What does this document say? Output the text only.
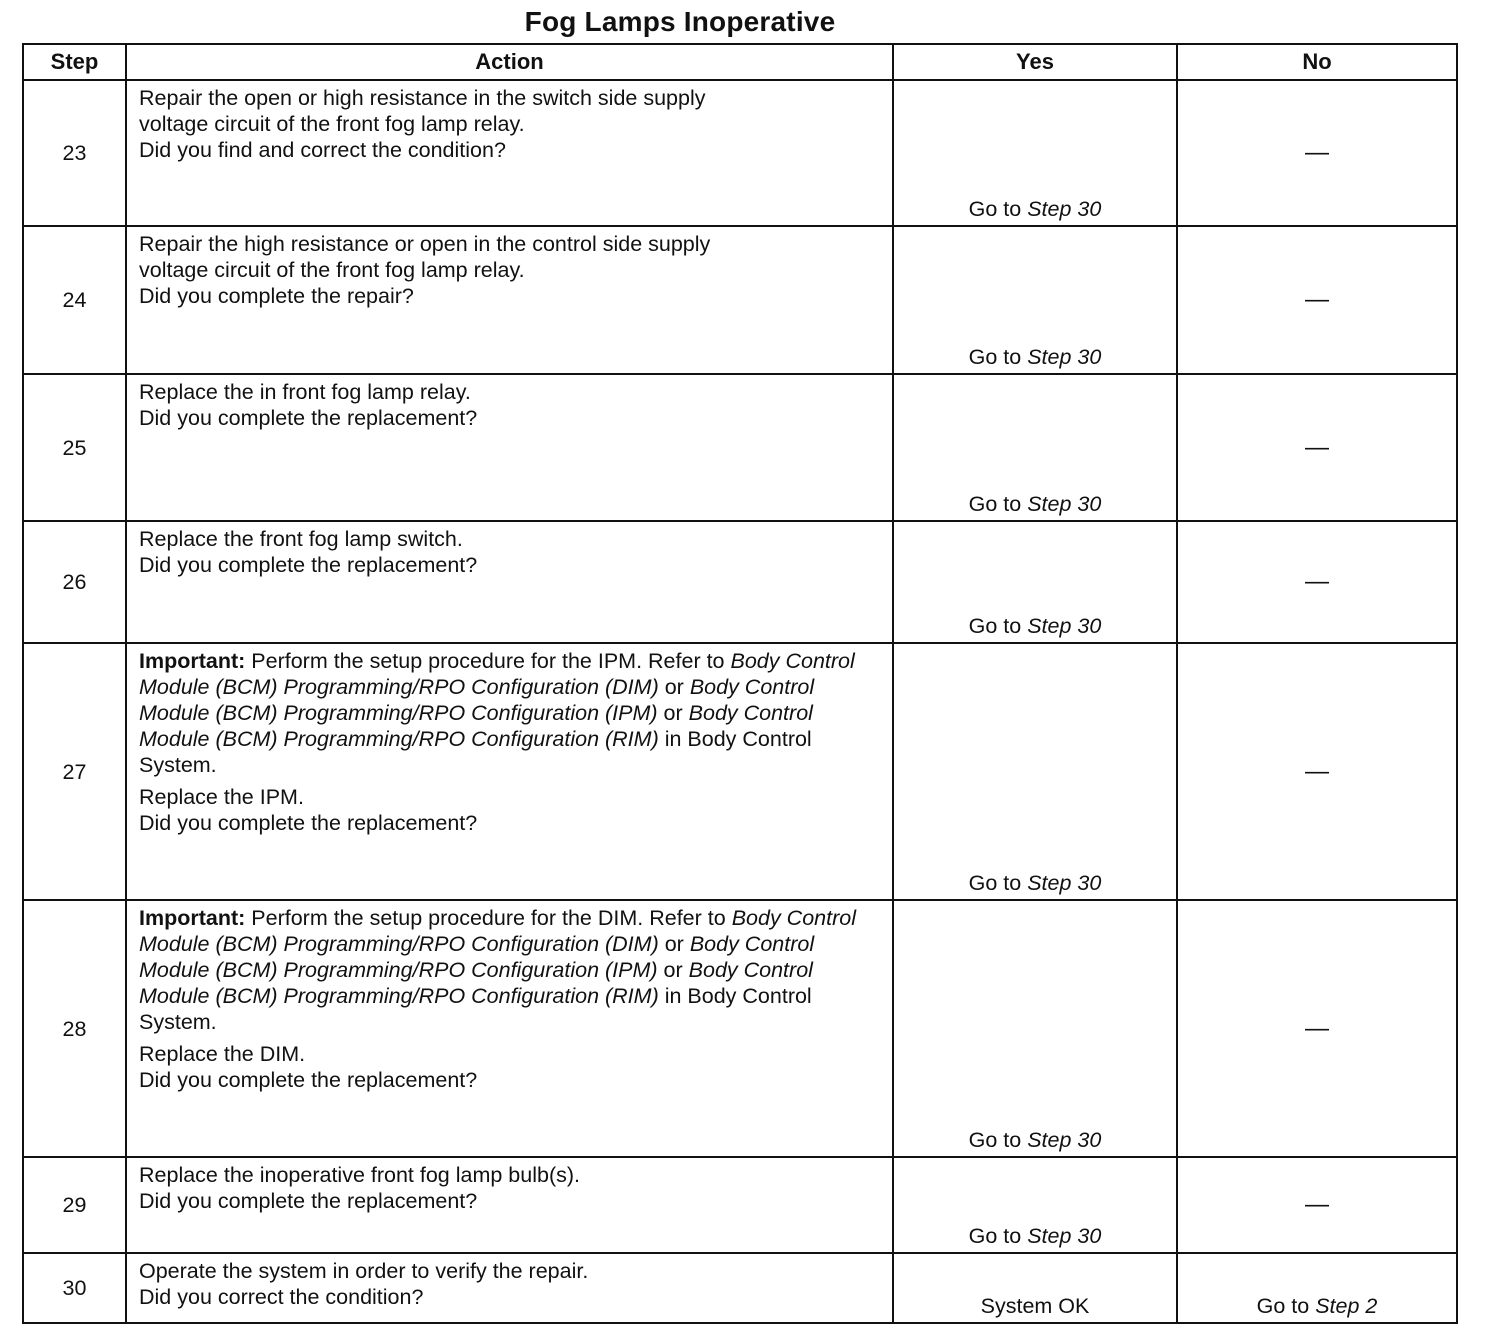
Fog Lamps Inoperative
Step	Action	Yes	No
23	Repair the open or high resistance in the switch side supply
voltage circuit of the front fog lamp relay.
Did you find and correct the condition?	Go to Step 30	—
24	Repair the high resistance or open in the control side supply
voltage circuit of the front fog lamp relay.
Did you complete the repair?	Go to Step 30	—
25	Replace the in front fog lamp relay.
Did you complete the replacement?	Go to Step 30	—
26	Replace the front fog lamp switch.
Did you complete the replacement?	Go to Step 30	—
27	Important: Perform the setup procedure for the IPM. Refer to Body Control Module (BCM) Programming/RPO Configuration (DIM) or Body Control Module (BCM) Programming/RPO Configuration (IPM) or Body Control Module (BCM) Programming/RPO Configuration (RIM) in Body Control System.
Replace the IPM.
Did you complete the replacement?	Go to Step 30	—
28	Important: Perform the setup procedure for the DIM. Refer to Body Control Module (BCM) Programming/RPO Configuration (DIM) or Body Control Module (BCM) Programming/RPO Configuration (IPM) or Body Control Module (BCM) Programming/RPO Configuration (RIM) in Body Control System.
Replace the DIM.
Did you complete the replacement?	Go to Step 30	—
29	Replace the inoperative front fog lamp bulb(s).
Did you complete the replacement?	Go to Step 30	—
30	Operate the system in order to verify the repair.
Did you correct the condition?	System OK	Go to Step 2
